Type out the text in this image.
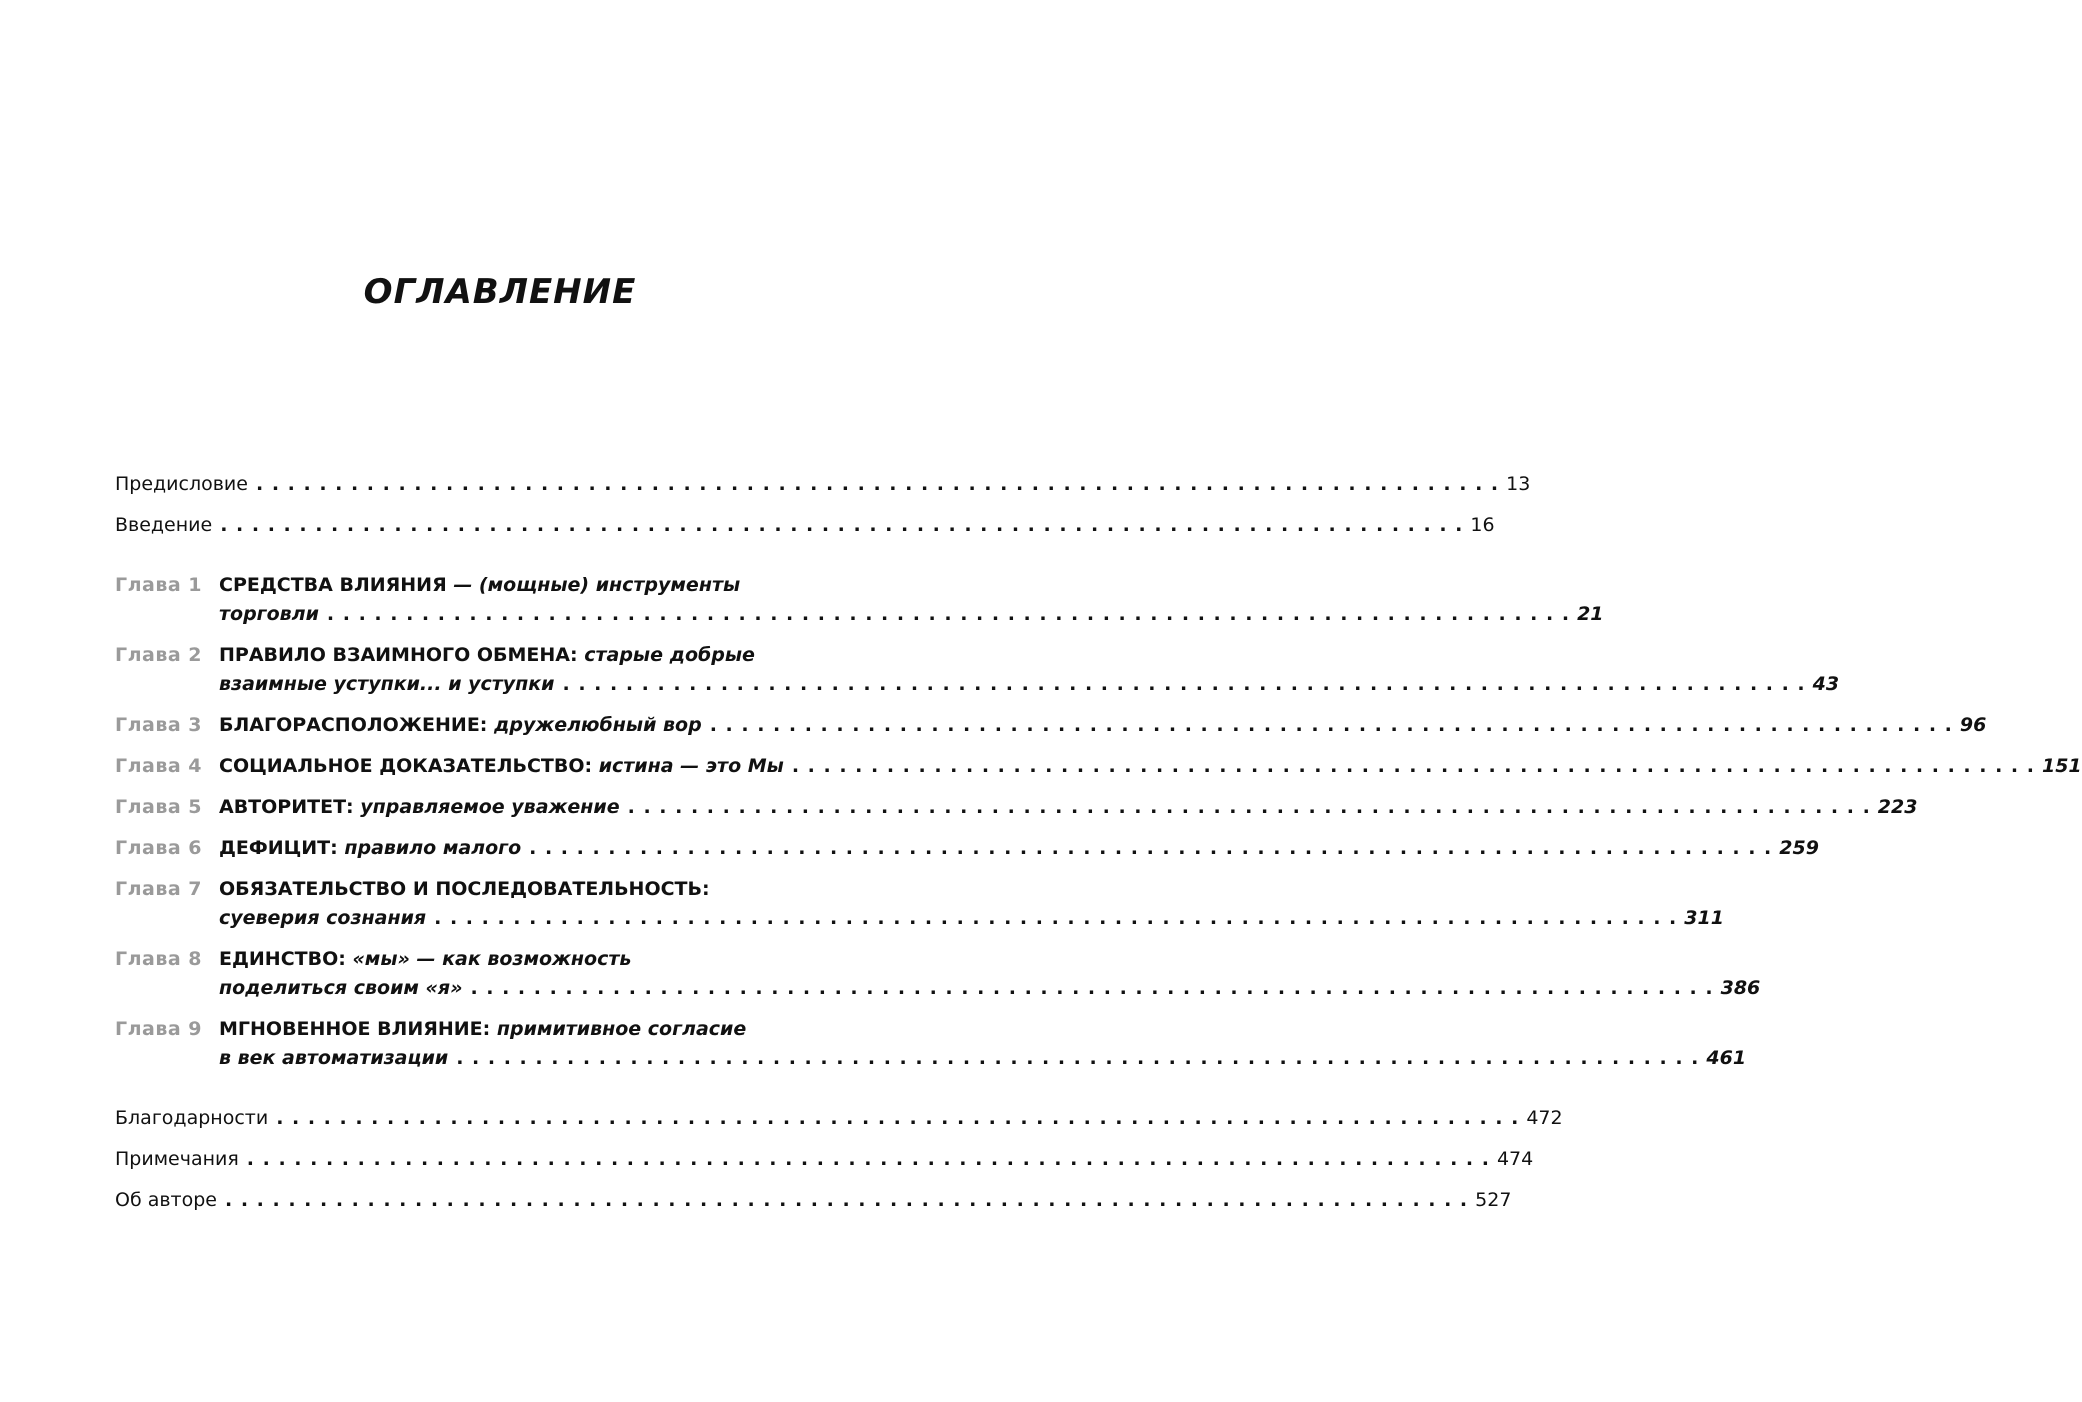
ОГЛАВЛЕНИЕ
Предисловие . . .	13
Введение . . .	16
Глава 1 СРЕДСТВА ВЛИЯНИЯ — (мощные) инструменты
торговли . . .	21
Глава 2 ПРАВИЛО ВЗАИМНОГО ОБМЕНА: старые добрые
взаимные уступки... и уступки . . .	43
Глава 3 БЛАГОРАСПОЛОЖЕНИЕ: дружелюбный вор . . .	96
Глава 4 СОЦИАЛЬНОЕ ДОКАЗАТЕЛЬСТВО: истина — это Мы . . .	151
Глава 5 АВТОРИТЕТ: управляемое уважение . . .	223
Глава 6 ДЕФИЦИТ: правило малого . . .	259
Глава 7 ОБЯЗАТЕЛЬСТВО И ПОСЛЕДОВАТЕЛЬНОСТЬ:
суеверия сознания . . .	311
Глава 8 ЕДИНСТВО: «мы» — как возможность
поделиться своим «я» . . .	386
Глава 9 МГНОВЕННОЕ ВЛИЯНИЕ: примитивное согласие
в век автоматизации . . .	461
Благодарности . . .	472
Примечания . . .	474
Об авторе . . .	527
